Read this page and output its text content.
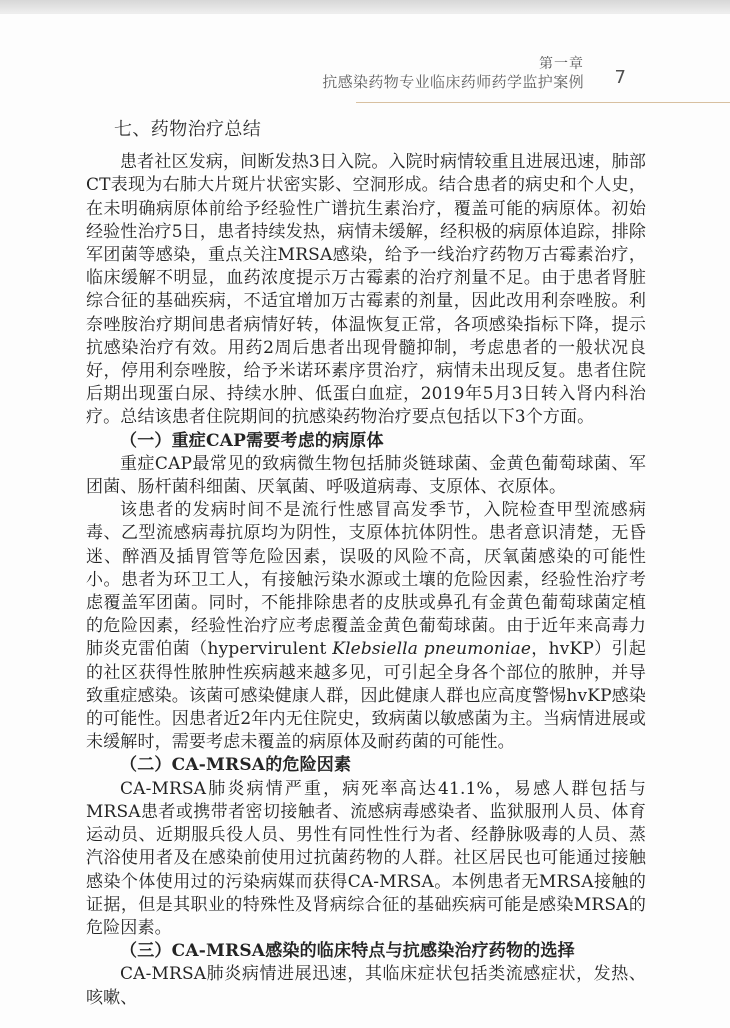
第一章
抗感染药物专业临床药师药学监护案例 7
七、药物治疗总结

患者社区发病，间断发热3日入院。入院时病情较重且进展迅速，肺部CT表现为右肺大片斑片状密实影、空洞形成。结合患者的病史和个人史，在未明确病原体前给予经验性广谱抗生素治疗，覆盖可能的病原体。初始经验性治疗5日，患者持续发热，病情未缓解，经积极的病原体追踪，排除军团菌等感染，重点关注MRSA感染，给予一线治疗药物万古霉素治疗，临床缓解不明显，血药浓度提示万古霉素的治疗剂量不足。由于患者肾脏综合征的基础疾病，不适宜增加万古霉素的剂量，因此改用利奈唑胺。利奈唑胺治疗期间患者病情好转，体温恢复正常，各项感染指标下降，提示抗感染治疗有效。用药2周后患者出现骨髓抑制，考虑患者的一般状况良好，停用利奈唑胺，给予米诺环素序贯治疗，病情未出现反复。患者住院后期出现蛋白尿、持续水肿、低蛋白血症，2019年5月3日转入肾内科治疗。总结该患者住院期间的抗感染药物治疗要点包括以下3个方面。

（一）重症CAP需要考虑的病原体

重症CAP最常见的致病微生物包括肺炎链球菌、金黄色葡萄球菌、军团菌、肠杆菌科细菌、厌氧菌、呼吸道病毒、支原体、衣原体。

该患者的发病时间不是流行性感冒高发季节，入院检查甲型流感病毒、乙型流感病毒抗原均为阴性，支原体抗体阴性。患者意识清楚，无昏迷、醉酒及插胃管等危险因素，误吸的风险不高，厌氧菌感染的可能性小。患者为环卫工人，有接触污染水源或土壤的危险因素，经验性治疗考虑覆盖军团菌。同时，不能排除患者的皮肤或鼻孔有金黄色葡萄球菌定植的危险因素，经验性治疗应考虑覆盖金黄色葡萄球菌。由于近年来高毒力肺炎克雷伯菌（hypervirulent Klebsiella pneumoniae，hvKP）引起的社区获得性脓肿性疾病越来越多见，可引起全身各个部位的脓肿，并导致重症感染。该菌可感染健康人群，因此健康人群也应高度警惕hvKP感染的可能性。因患者近2年内无住院史，致病菌以敏感菌为主。当病情进展或未缓解时，需要考虑未覆盖的病原体及耐药菌的可能性。

（二）CA-MRSA的危险因素

CA-MRSA肺炎病情严重，病死率高达41.1%，易感人群包括与MRSA患者或携带者密切接触者、流感病毒感染者、监狱服刑人员、体育运动员、近期服兵役人员、男性有同性性行为者、经静脉吸毒的人员、蒸汽浴使用者及在感染前使用过抗菌药物的人群。社区居民也可能通过接触感染个体使用过的污染病媒而获得CA-MRSA。本例患者无MRSA接触的证据，但是其职业的特殊性及肾病综合征的基础疾病可能是感染MRSA的危险因素。

（三）CA-MRSA感染的临床特点与抗感染治疗药物的选择

CA-MRSA肺炎病情进展迅速，其临床症状包括类流感症状，发热、咳嗽、
